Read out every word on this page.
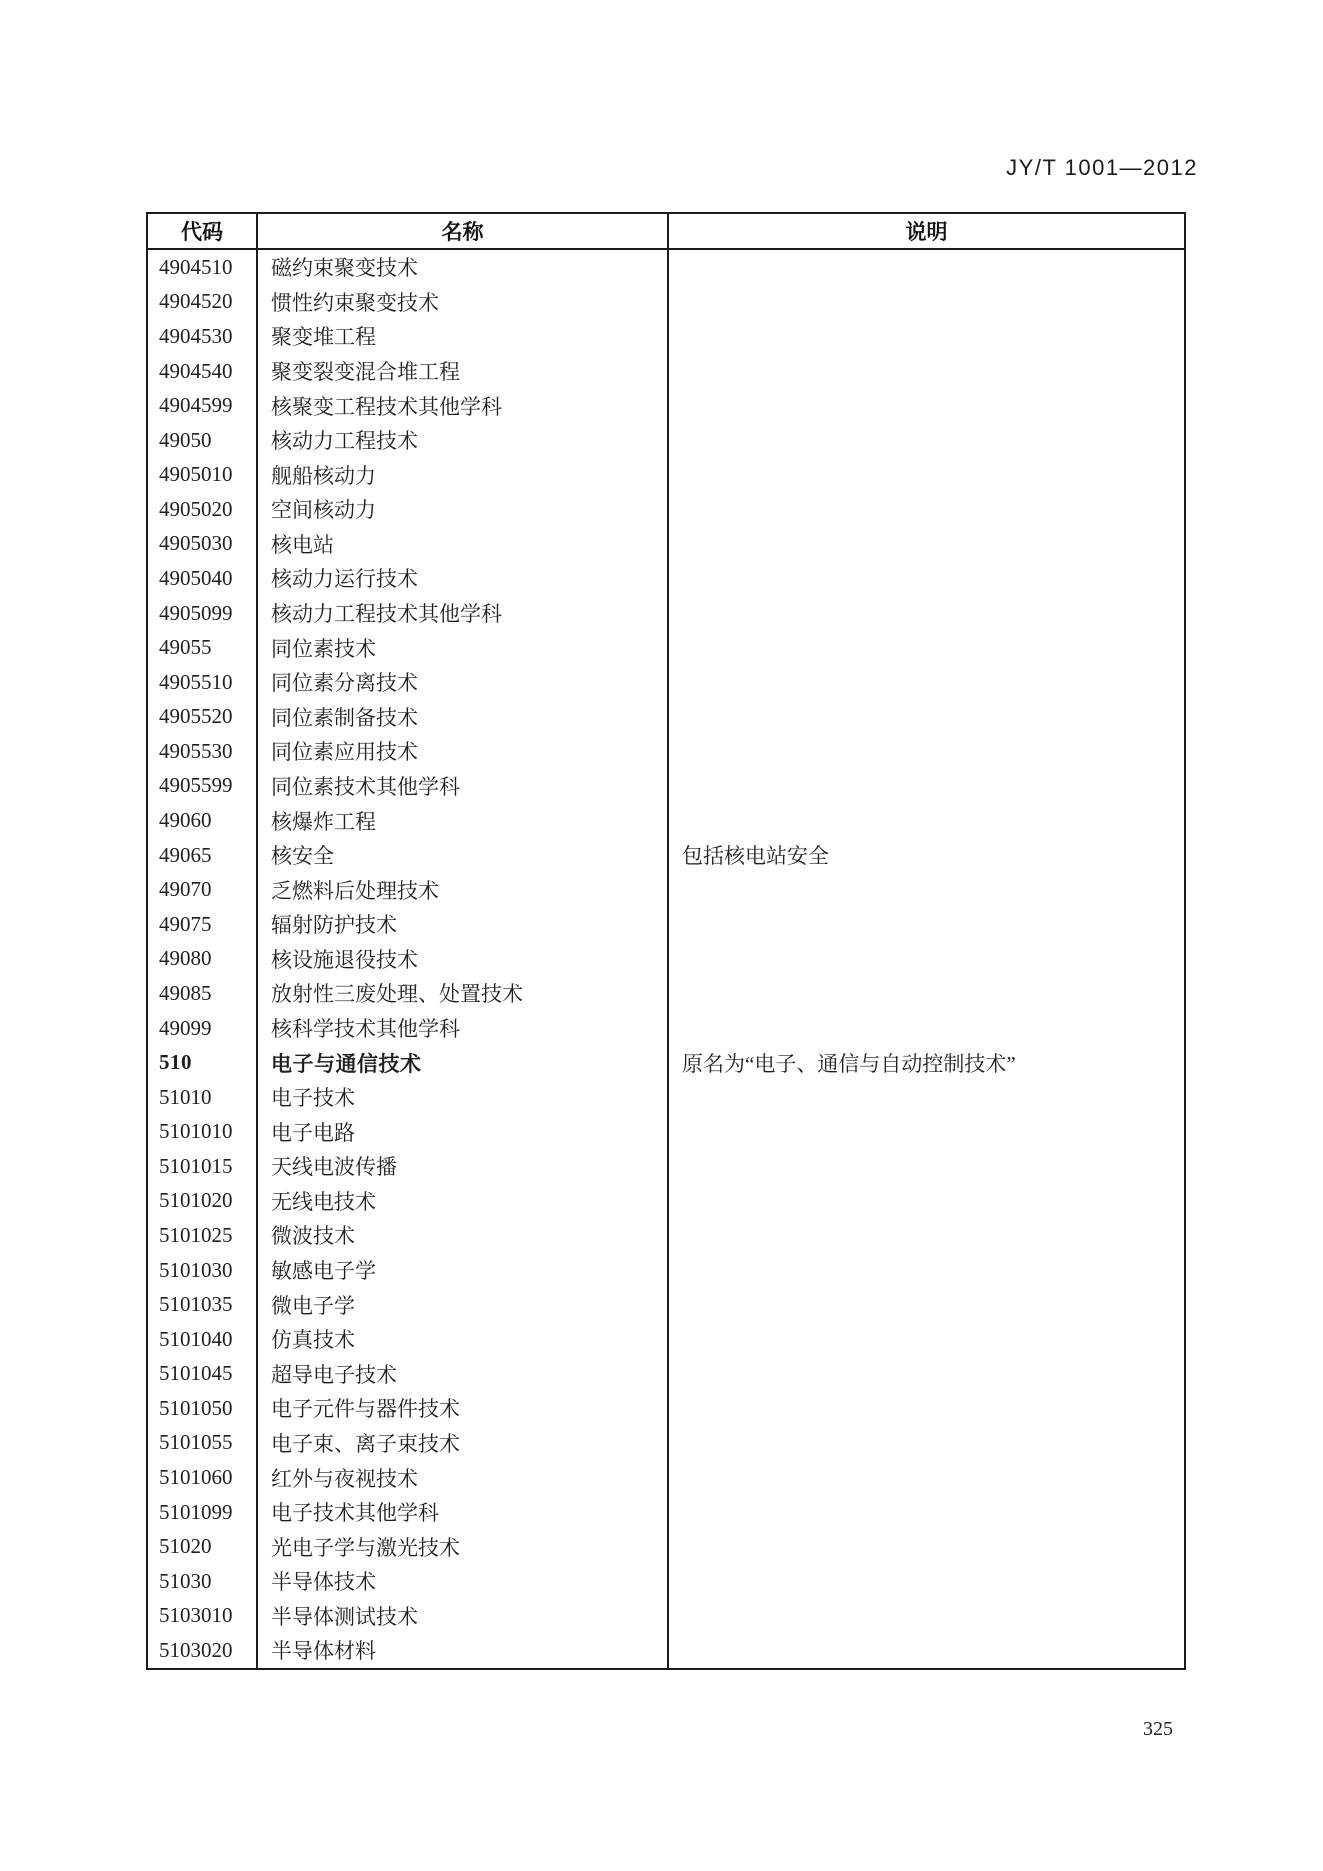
JY/T 1001—2012
代码	名称	说明
4904510	磁约束聚变技术
4904520	惯性约束聚变技术
4904530	聚变堆工程
4904540	聚变裂变混合堆工程
4904599	核聚变工程技术其他学科
49050	核动力工程技术
4905010	舰船核动力
4905020	空间核动力
4905030	核电站
4905040	核动力运行技术
4905099	核动力工程技术其他学科
49055	同位素技术
4905510	同位素分离技术
4905520	同位素制备技术
4905530	同位素应用技术
4905599	同位素技术其他学科
49060	核爆炸工程
49065	核安全	包括核电站安全
49070	乏燃料后处理技术
49075	辐射防护技术
49080	核设施退役技术
49085	放射性三废处理、处置技术
49099	核科学技术其他学科
510	电子与通信技术	原名为“电子、通信与自动控制技术”
51010	电子技术
5101010	电子电路
5101015	天线电波传播
5101020	无线电技术
5101025	微波技术
5101030	敏感电子学
5101035	微电子学
5101040	仿真技术
5101045	超导电子技术
5101050	电子元件与器件技术
5101055	电子束、离子束技术
5101060	红外与夜视技术
5101099	电子技术其他学科
51020	光电子学与激光技术
51030	半导体技术
5103010	半导体测试技术
5103020	半导体材料
325
